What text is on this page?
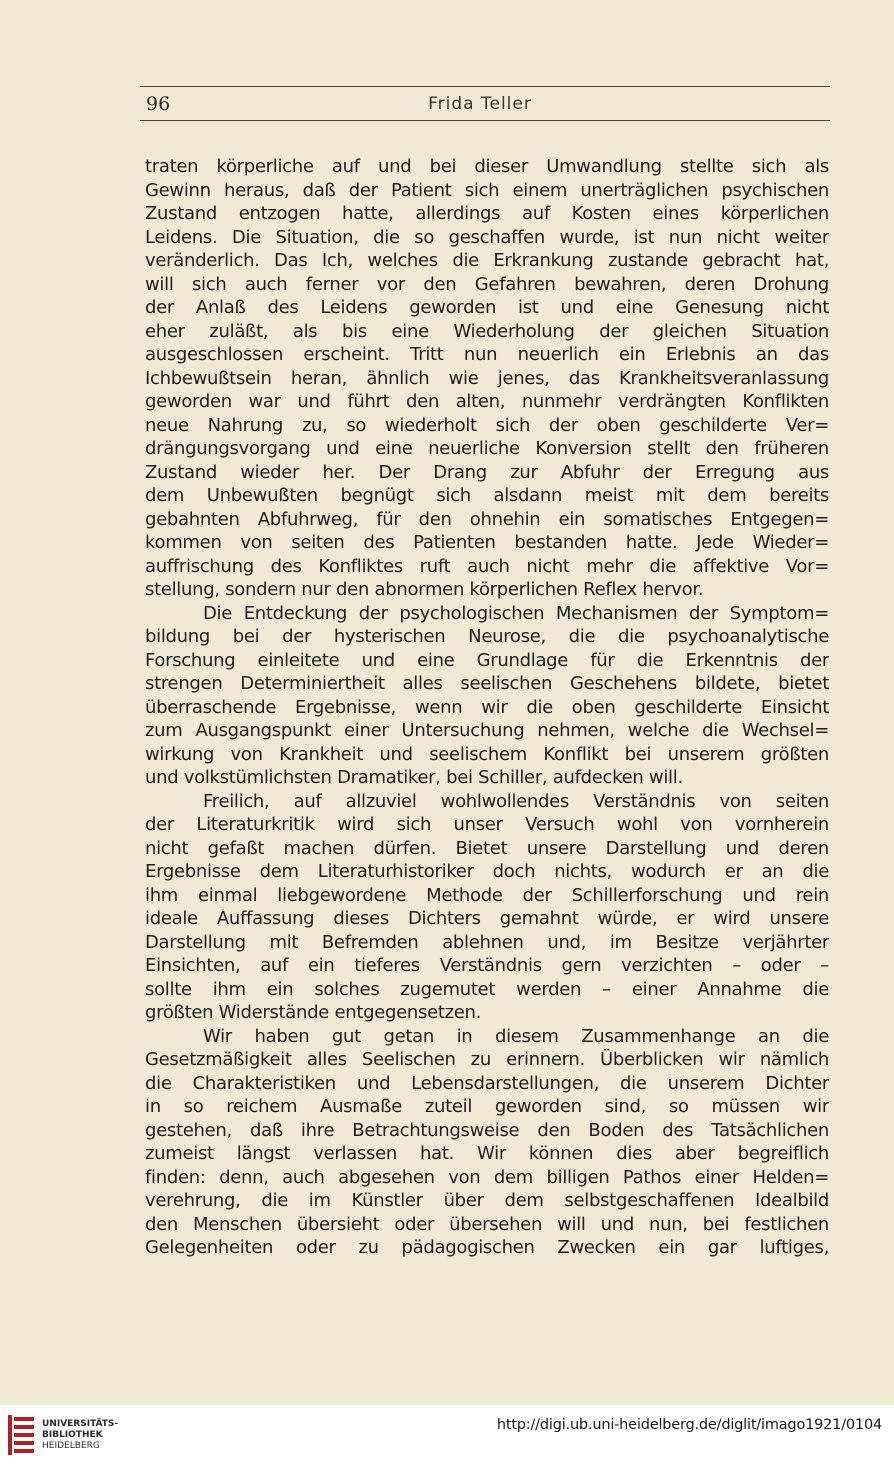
96	Frida Teller
traten körperliche auf und bei dieser Umwandlung stellte sich als
Gewinn heraus, daß der Patient sich einem unerträglichen psychischen
Zustand entzogen hatte, allerdings auf Kosten eines körperlichen
Leidens. Die Situation, die so geschaffen wurde, ist nun nicht weiter
veränderlich. Das Ich, welches die Erkrankung zustande gebracht hat,
will sich auch ferner vor den Gefahren bewahren, deren Drohung
der Anlaß des Leidens geworden ist und eine Genesung nicht
eher zuläßt, als bis eine Wiederholung der gleichen Situation
ausgeschlossen erscheint. Tritt nun neuerlich ein Erlebnis an das
Ichbewußtsein heran, ähnlich wie jenes, das Krankheitsveranlassung
geworden war und führt den alten, nunmehr verdrängten Konflikten
neue Nahrung zu, so wiederholt sich der oben geschilderte Ver=
drängungsvorgang und eine neuerliche Konversion stellt den früheren
Zustand wieder her. Der Drang zur Abfuhr der Erregung aus
dem Unbewußten begnügt sich alsdann meist mit dem bereits
gebahnten Abfuhrweg, für den ohnehin ein somatisches Entgegen=
kommen von seiten des Patienten bestanden hatte. Jede Wieder=
auffrischung des Konfliktes ruft auch nicht mehr die affektive Vor=
stellung, sondern nur den abnormen körperlichen Reflex hervor.
Die Entdeckung der psychologischen Mechanismen der Symptom=
bildung bei der hysterischen Neurose, die die psychoanalytische
Forschung einleitete und eine Grundlage für die Erkenntnis der
strengen Determiniertheit alles seelischen Geschehens bildete, bietet
überraschende Ergebnisse, wenn wir die oben geschilderte Einsicht
zum Ausgangspunkt einer Untersuchung nehmen, welche die Wechsel=
wirkung von Krankheit und seelischem Konflikt bei unserem größten
und volkstümlichsten Dramatiker, bei Schiller, aufdecken will.
Freilich, auf allzuviel wohlwollendes Verständnis von seiten
der Literaturkritik wird sich unser Versuch wohl von vornherein
nicht gefaßt machen dürfen. Bietet unsere Darstellung und deren
Ergebnisse dem Literaturhistoriker doch nichts, wodurch er an die
ihm einmal liebgewordene Methode der Schillerforschung und rein
ideale Auffassung dieses Dichters gemahnt würde, er wird unsere
Darstellung mit Befremden ablehnen und, im Besitze verjährter
Einsichten, auf ein tieferes Verständnis gern verzichten – oder –
sollte ihm ein solches zugemutet werden – einer Annahme die
größten Widerstände entgegensetzen.
Wir haben gut getan in diesem Zusammenhange an die
Gesetzmäßigkeit alles Seelischen zu erinnern. Überblicken wir nämlich
die Charakteristiken und Lebensdarstellungen, die unserem Dichter
in so reichem Ausmaße zuteil geworden sind, so müssen wir
gestehen, daß ihre Betrachtungsweise den Boden des Tatsächlichen
zumeist längst verlassen hat. Wir können dies aber begreiflich
finden: denn, auch abgesehen von dem billigen Pathos einer Helden=
verehrung, die im Künstler über dem selbstgeschaffenen Idealbild
den Menschen übersieht oder übersehen will und nun, bei festlichen
Gelegenheiten oder zu pädagogischen Zwecken ein gar luftiges,
UNIVERSITÄTS-
BIBLIOTHEK
HEIDELBERG
http://digi.ub.uni-heidelberg.de/diglit/imago1921/0104
